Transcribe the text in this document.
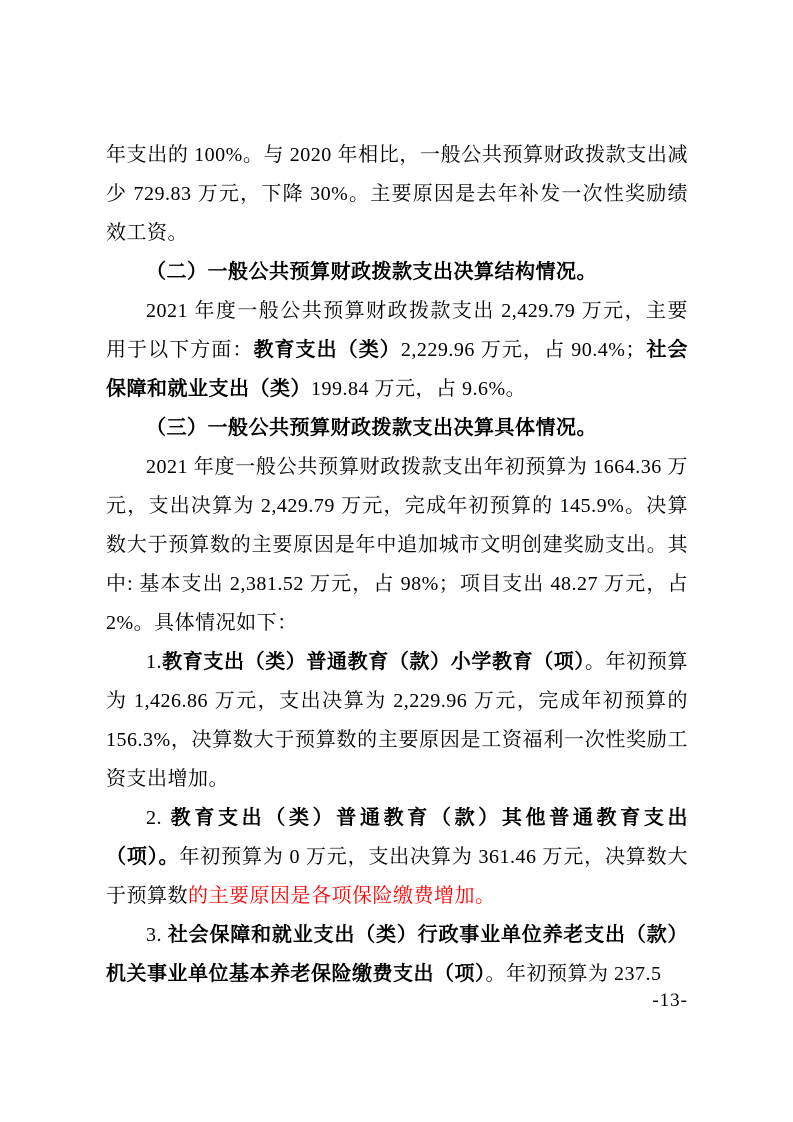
年支出的 100%。与 2020 年相比，一般公共预算财政拨款支出减少 729.83 万元，下降 30%。主要原因是去年补发一次性奖励绩效工资。
（二）一般公共预算财政拨款支出决算结构情况。
2021 年度一般公共预算财政拨款支出 2,429.79 万元，主要用于以下方面：教育支出（类）2,229.96 万元，占 90.4%；社会保障和就业支出（类）199.84 万元，占 9.6%。
（三）一般公共预算财政拨款支出决算具体情况。
2021 年度一般公共预算财政拨款支出年初预算为 1664.36 万元，支出决算为 2,429.79 万元，完成年初预算的 145.9%。决算数大于预算数的主要原因是年中追加城市文明创建奖励支出。其中: 基本支出 2,381.52 万元，占 98%；项目支出 48.27 万元，占 2%。具体情况如下：
1.教育支出（类）普通教育（款）小学教育（项）。年初预算为 1,426.86 万元，支出决算为 2,229.96 万元，完成年初预算的 156.3%，决算数大于预算数的主要原因是工资福利一次性奖励工资支出增加。
2. 教育支出（类）普通教育（款）其他普通教育支出（项）。年初预算为 0 万元，支出决算为 361.46 万元，决算数大于预算数的主要原因是各项保险缴费增加。
3. 社会保障和就业支出（类）行政事业单位养老支出（款）机关事业单位基本养老保险缴费支出（项）。年初预算为 237.5
-13-
